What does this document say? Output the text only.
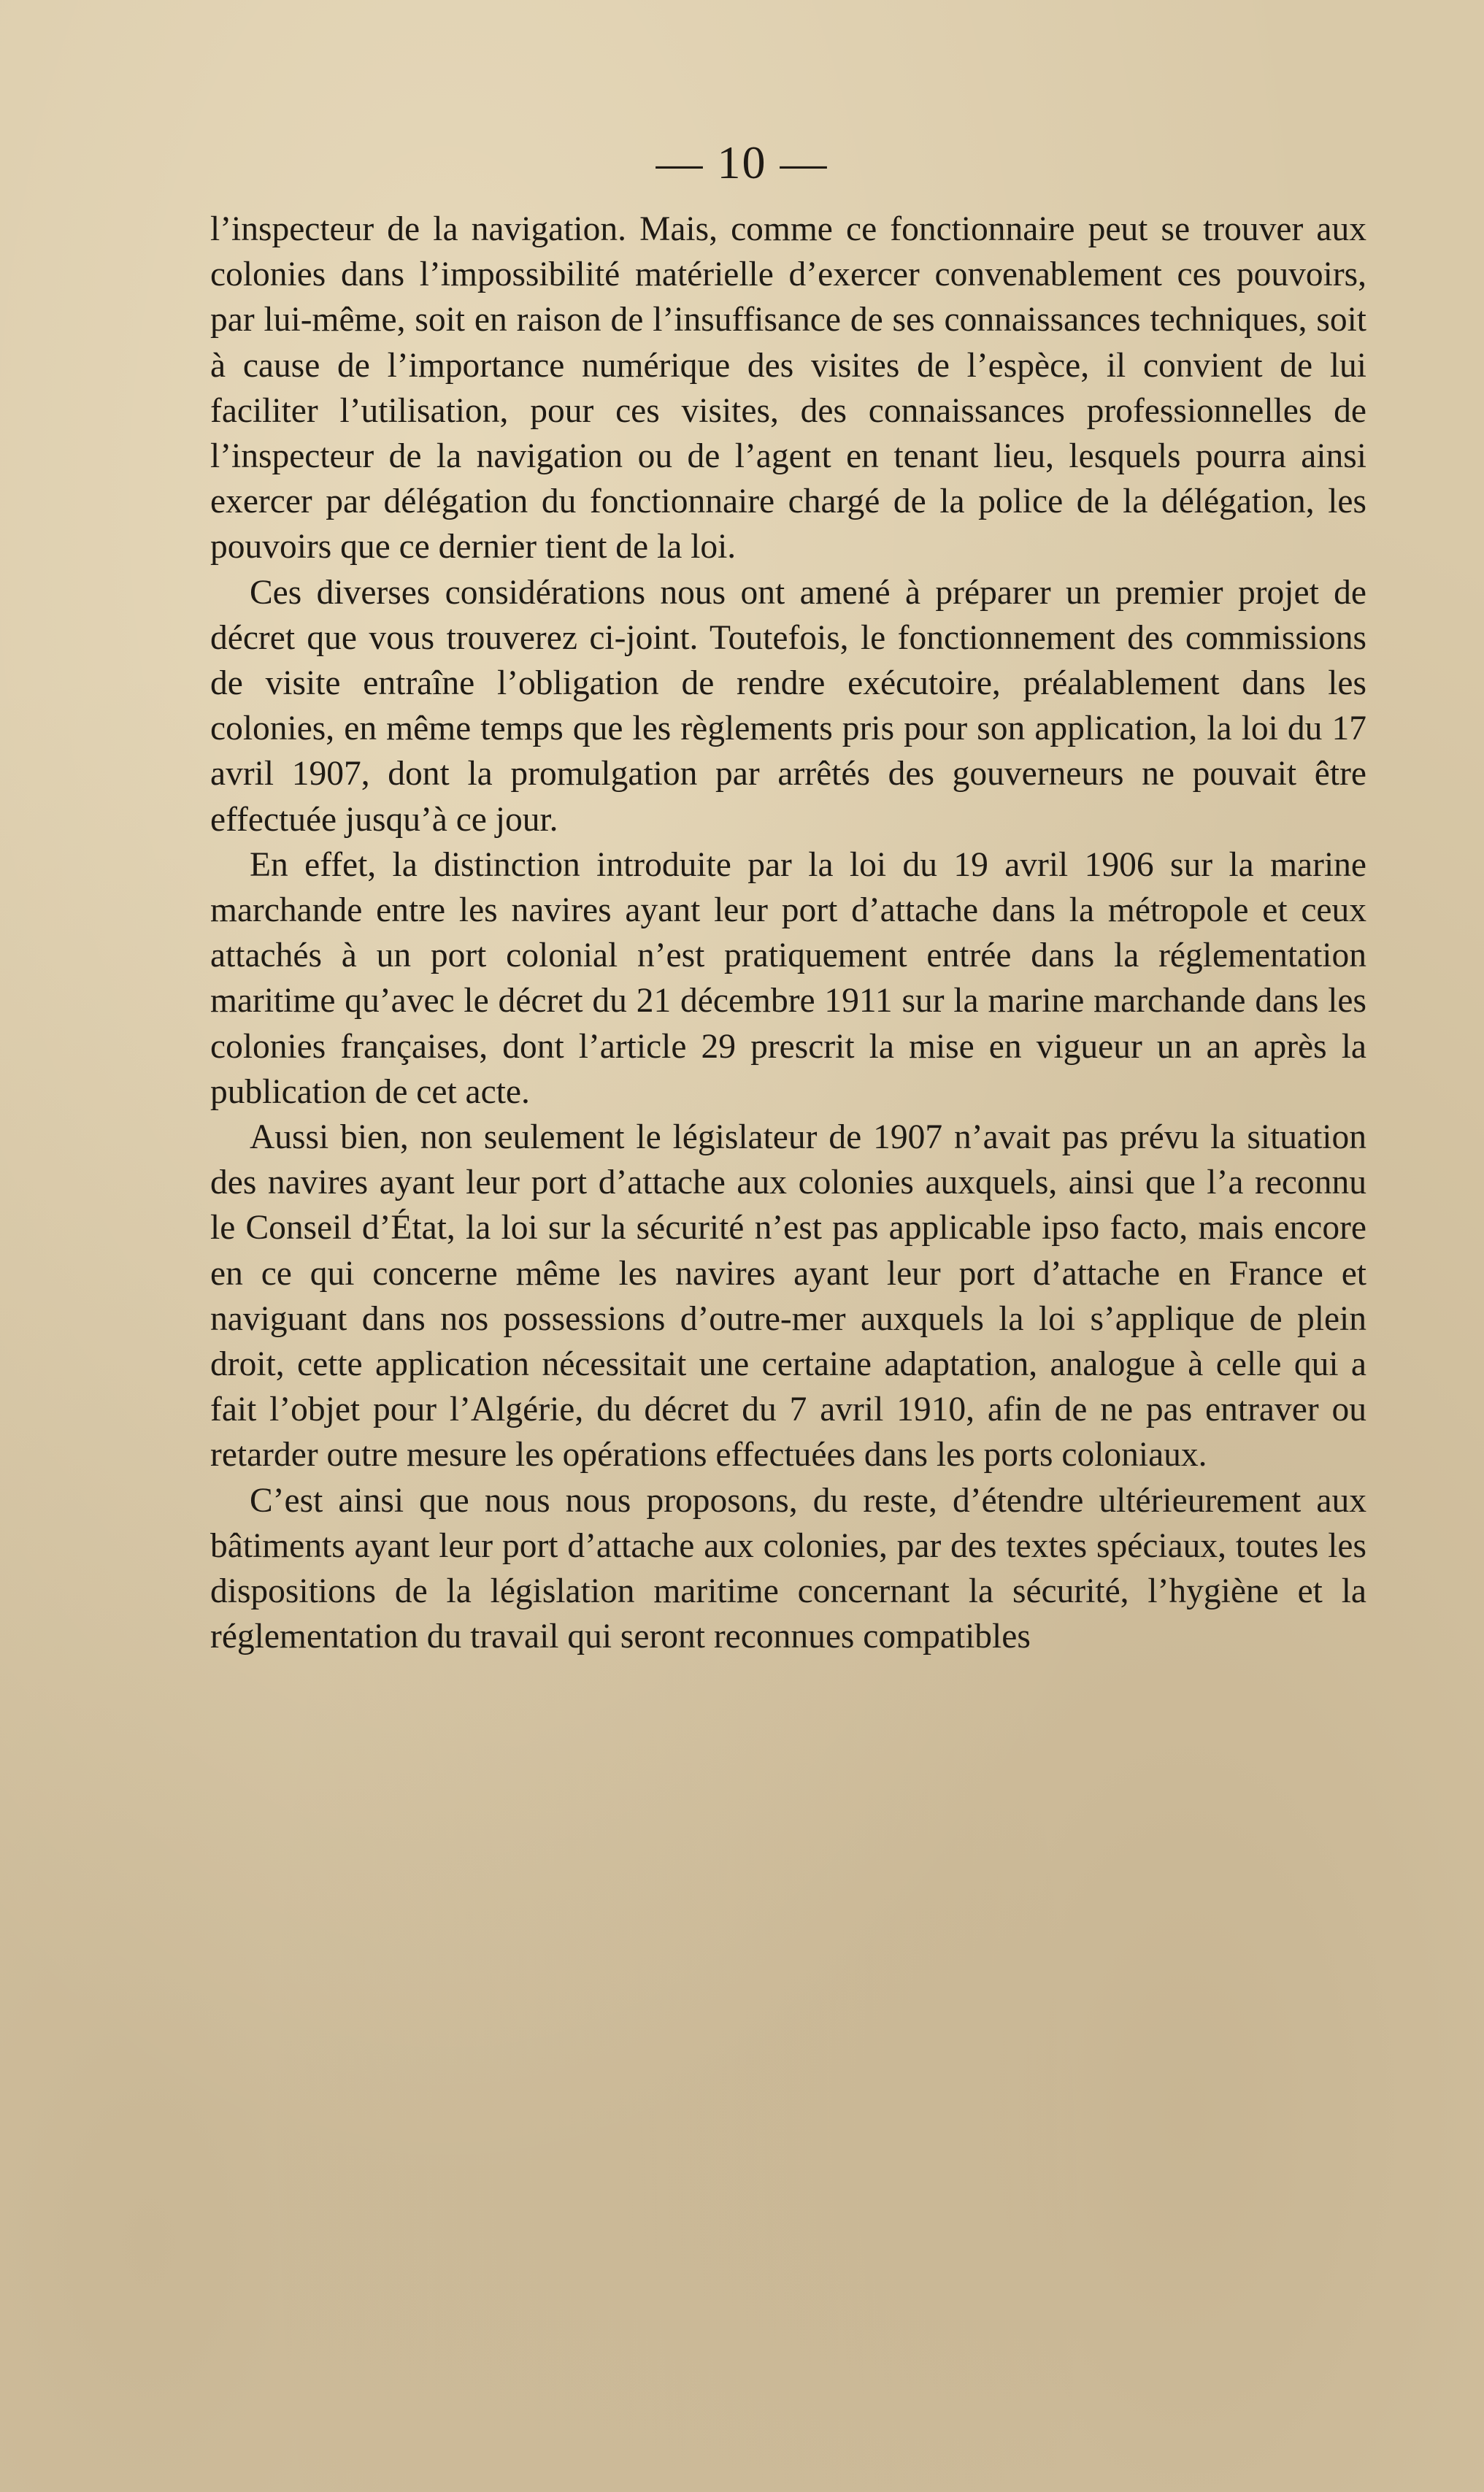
— 10 —

l’inspecteur de la navigation. Mais, comme ce fonctionnaire peut se trouver aux colonies dans l’impossibilité matérielle d’exercer convenablement ces pouvoirs, par lui-même, soit en raison de l’insuffisance de ses connaissances techniques, soit à cause de l’importance numérique des visites de l’espèce, il convient de lui faciliter l’utilisation, pour ces visites, des connaissances professionnelles de l’inspecteur de la navigation ou de l’agent en tenant lieu, lesquels pourra ainsi exercer par délégation du fonctionnaire chargé de la police de la délégation, les pouvoirs que ce dernier tient de la loi.

Ces diverses considérations nous ont amené à préparer un premier projet de décret que vous trouverez ci-joint. Toutefois, le fonctionnement des commissions de visite entraîne l’obligation de rendre exécutoire, préalablement dans les colonies, en même temps que les règlements pris pour son application, la loi du 17 avril 1907, dont la promulgation par arrêtés des gouverneurs ne pouvait être effectuée jusqu’à ce jour.

En effet, la distinction introduite par la loi du 19 avril 1906 sur la marine marchande entre les navires ayant leur port d’attache dans la métropole et ceux attachés à un port colonial n’est pratiquement entrée dans la réglementation maritime qu’avec le décret du 21 décembre 1911 sur la marine marchande dans les colonies françaises, dont l’article 29 prescrit la mise en vigueur un an après la publication de cet acte.

Aussi bien, non seulement le législateur de 1907 n’avait pas prévu la situation des navires ayant leur port d’attache aux colonies auxquels, ainsi que l’a reconnu le Conseil d’État, la loi sur la sécurité n’est pas applicable ipso facto, mais encore en ce qui concerne même les navires ayant leur port d’attache en France et naviguant dans nos possessions d’outre-mer auxquels la loi s’applique de plein droit, cette application nécessitait une certaine adaptation, analogue à celle qui a fait l’objet pour l’Algérie, du décret du 7 avril 1910, afin de ne pas entraver ou retarder outre mesure les opérations effectuées dans les ports coloniaux.

C’est ainsi que nous nous proposons, du reste, d’étendre ultérieurement aux bâtiments ayant leur port d’attache aux colonies, par des textes spéciaux, toutes les dispositions de la législation maritime concernant la sécurité, l’hygiène et la réglementation du travail qui seront reconnues compatibles
